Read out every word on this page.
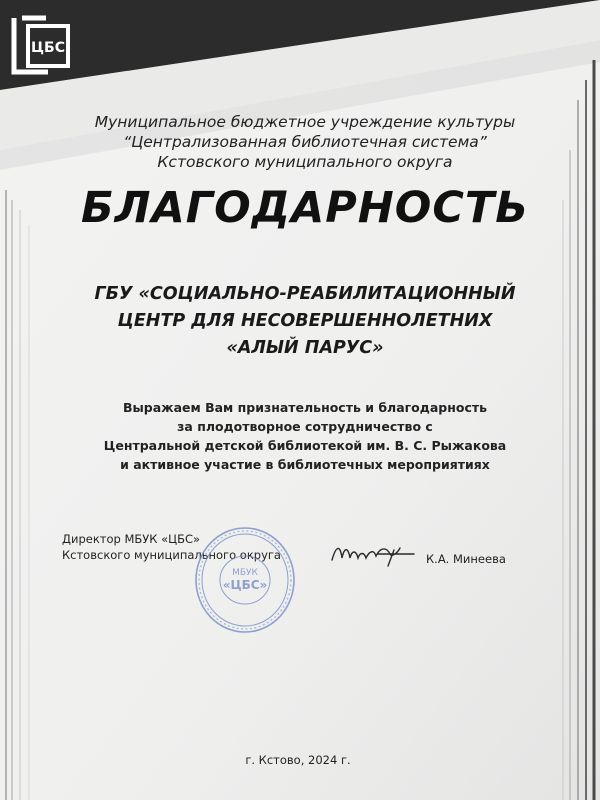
ЦБС
Муниципальное бюджетное учреждение культуры
“Централизованная библиотечная система”
Кстовского муниципального округа
БЛАГОДАРНОСТЬ
ГБУ «СОЦИАЛЬНО-РЕАБИЛИТАЦИОННЫЙ
ЦЕНТР ДЛЯ НЕСОВЕРШЕННОЛЕТНИХ
«АЛЫЙ ПАРУС»
Выражаем Вам признательность и благодарность
за плодотворное сотрудничество с
Центральной детской библиотекой им. В. С. Рыжакова
и активное участие в библиотечных мероприятиях
Директор МБУК «ЦБС»
Кстовского муниципального округа
МБУК
«ЦБС»
К.А. Минеева
г. Кстово, 2024 г.
